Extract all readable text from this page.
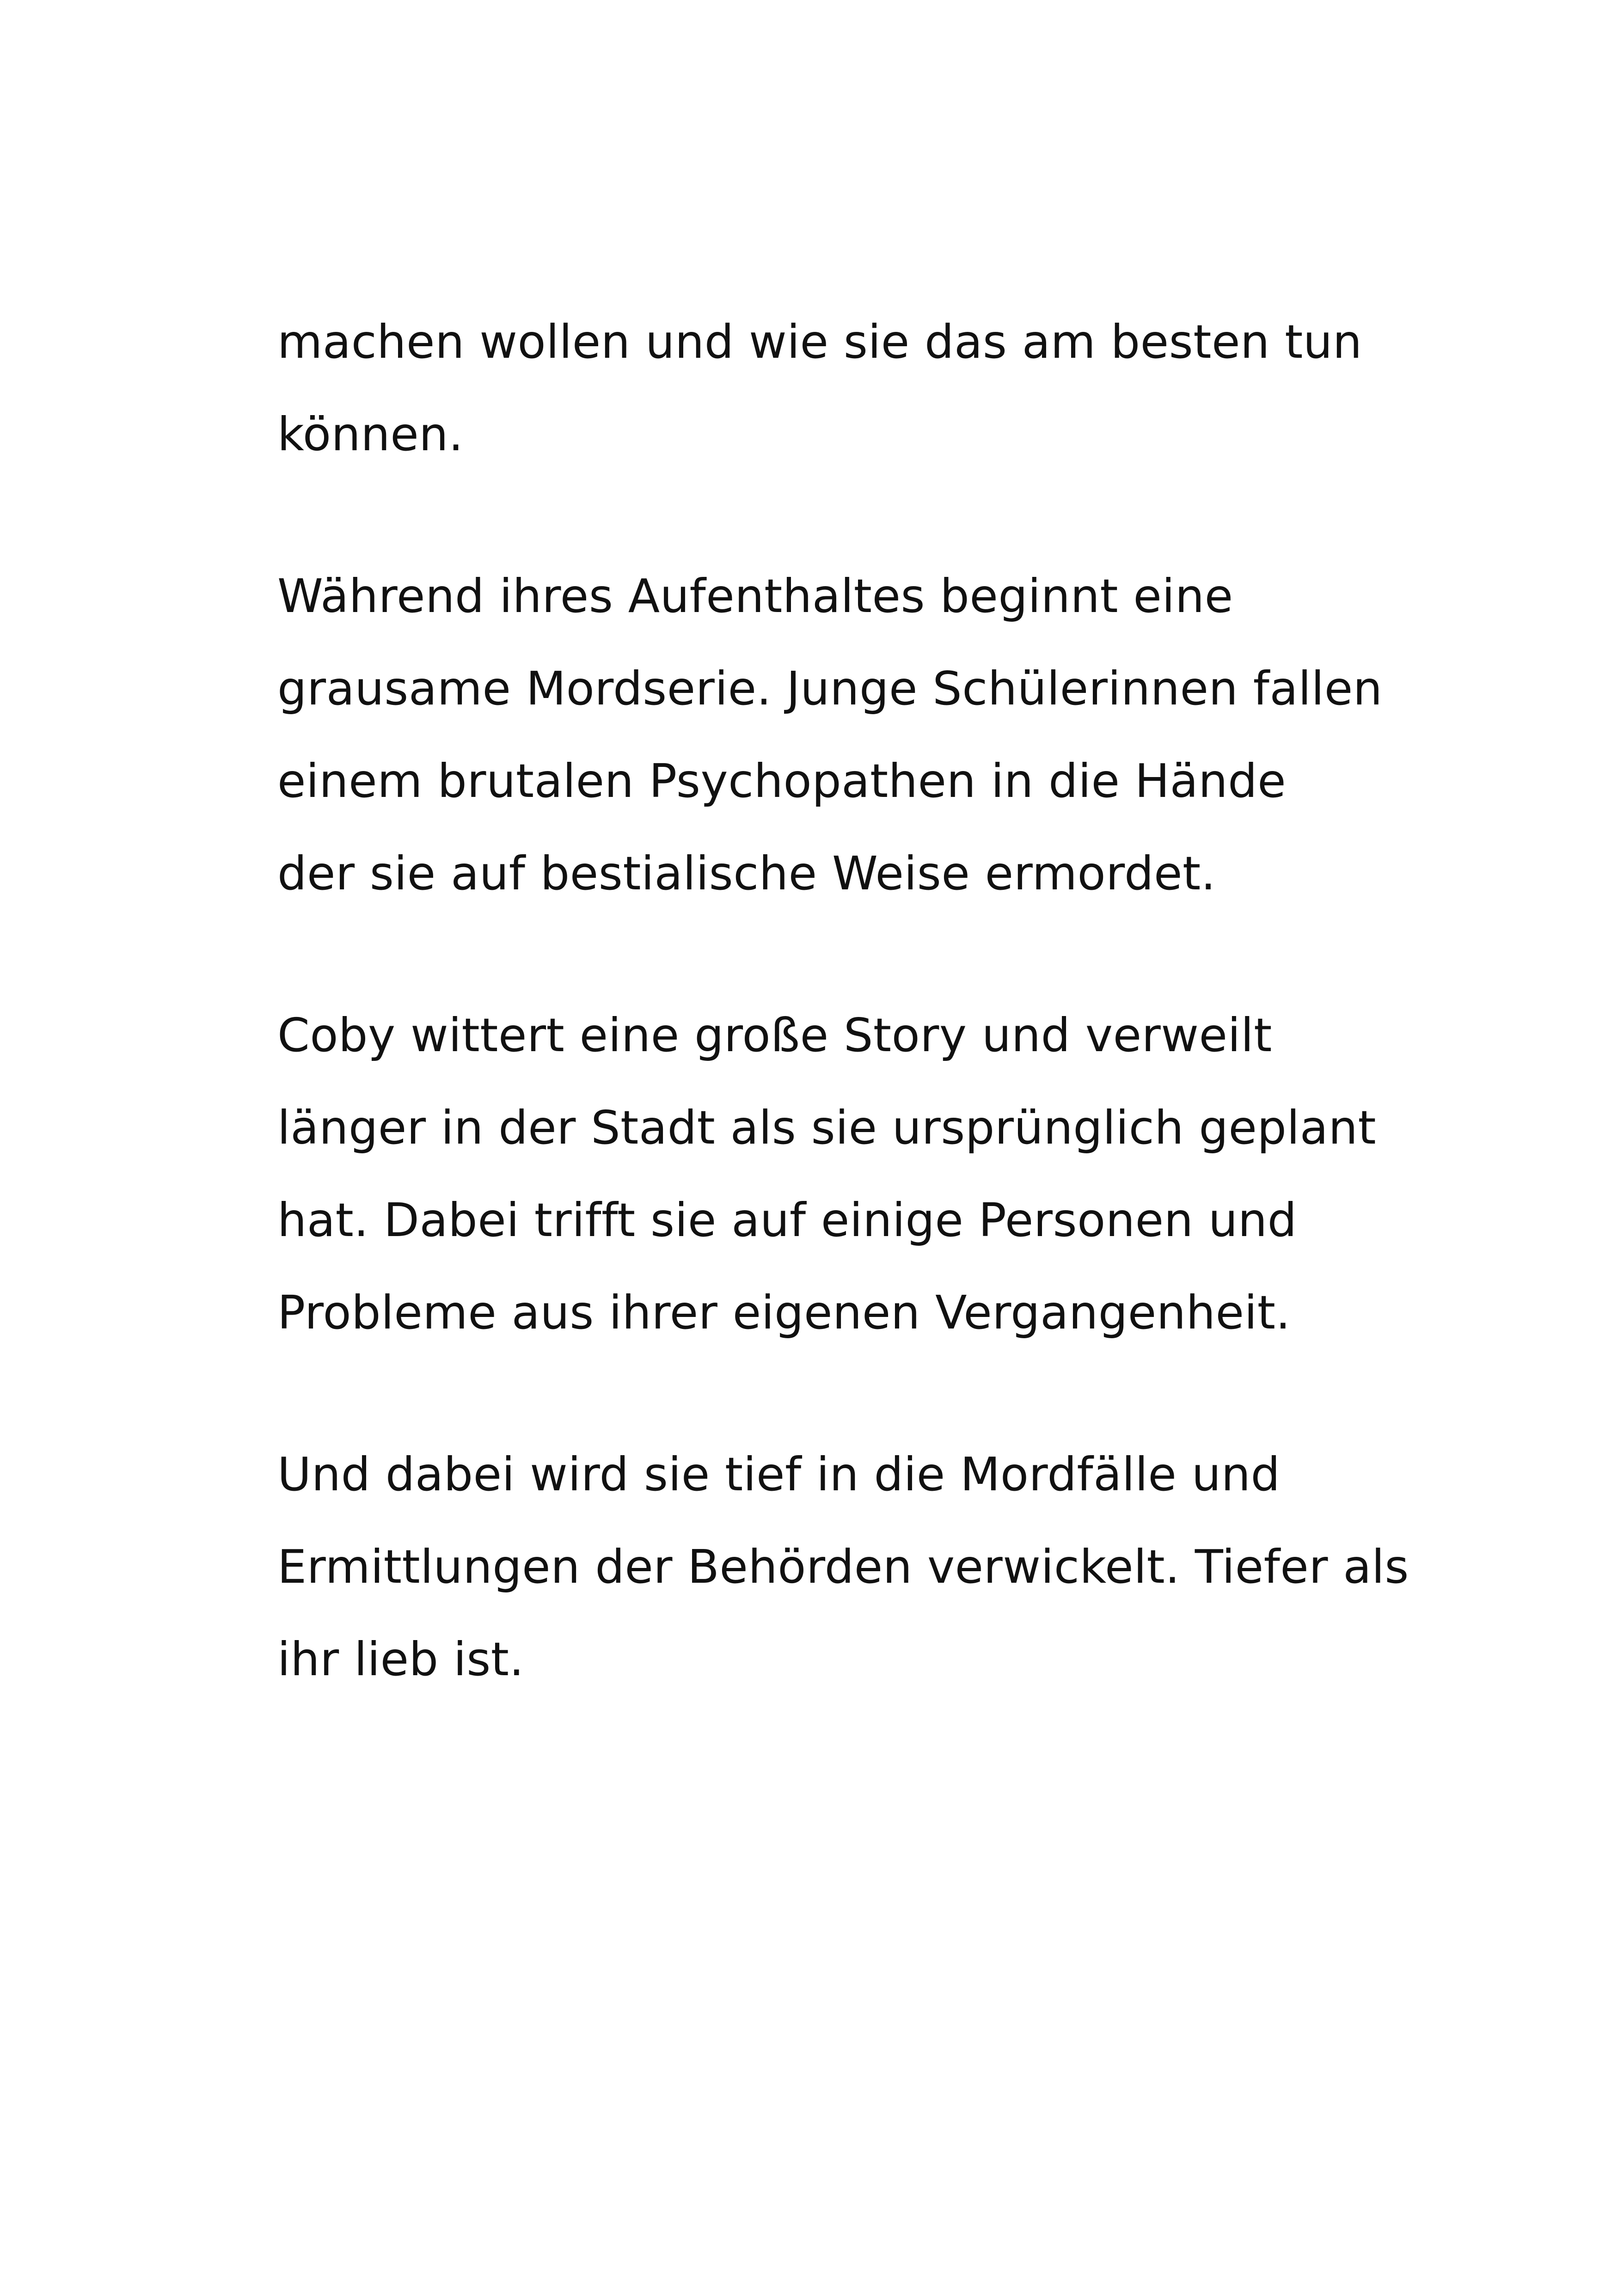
machen wollen und wie sie das am besten tun
können.

Während ihres Aufenthaltes beginnt eine
grausame Mordserie. Junge Schülerinnen fallen
einem brutalen Psychopathen in die Hände
der sie auf bestialische Weise ermordet.

Coby wittert eine große Story und verweilt
länger in der Stadt als sie ursprünglich geplant
hat. Dabei trifft sie auf einige Personen und
Probleme aus ihrer eigenen Vergangenheit.

Und dabei wird sie tief in die Mordfälle und
Ermittlungen der Behörden verwickelt. Tiefer als
ihr lieb ist.
